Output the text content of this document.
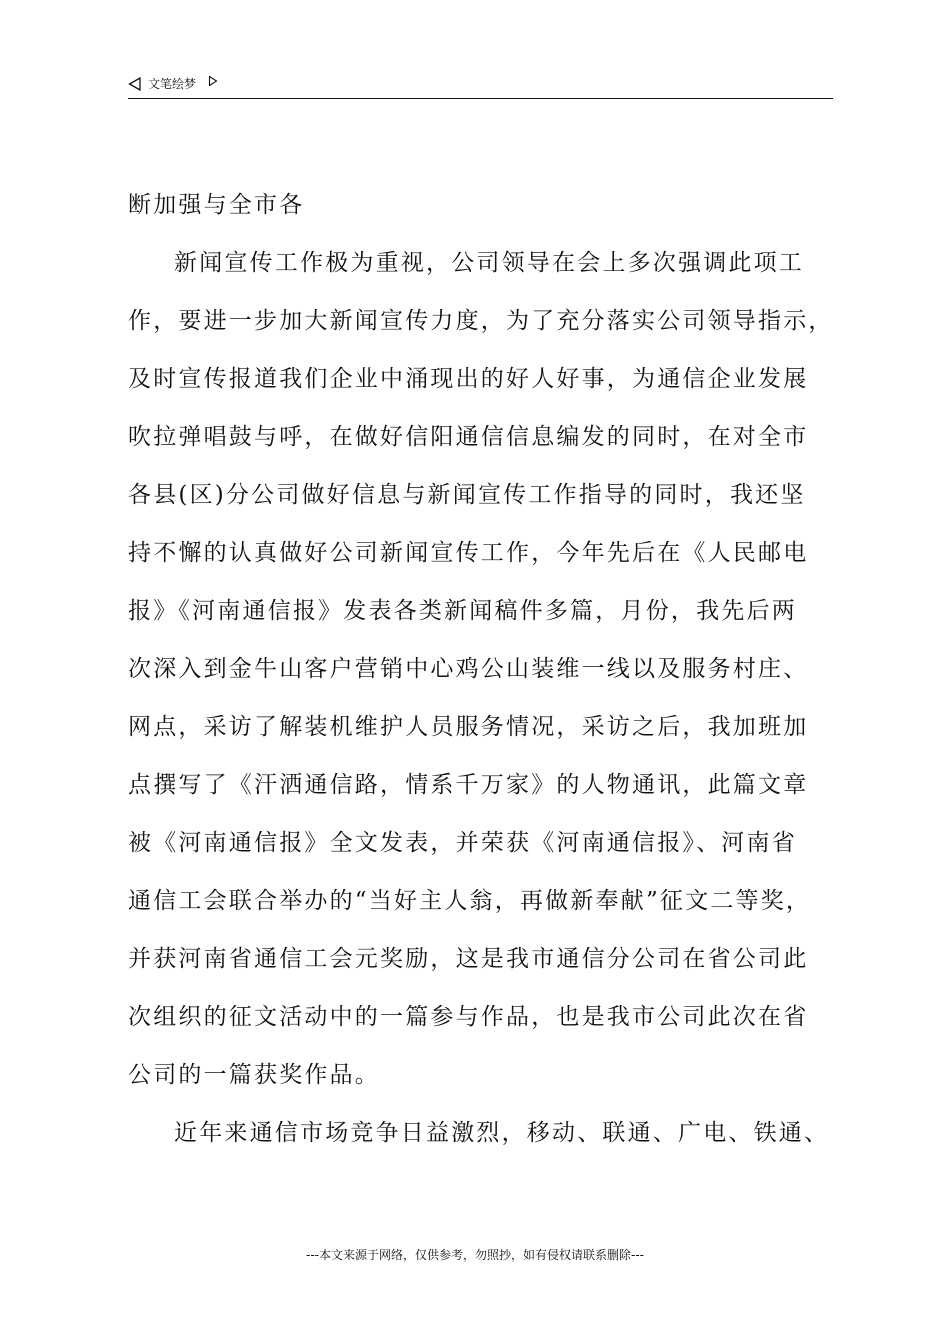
文笔绘梦
断加强与全市各
新闻宣传工作极为重视，公司领导在会上多次强调此项工
作，要进一步加大新闻宣传力度，为了充分落实公司领导指示，
及时宣传报道我们企业中涌现出的好人好事，为通信企业发展
吹拉弹唱鼓与呼，在做好信阳通信信息编发的同时，在对全市
各县(区)分公司做好信息与新闻宣传工作指导的同时，我还坚
持不懈的认真做好公司新闻宣传工作，今年先后在《人民邮电
报》《河南通信报》发表各类新闻稿件多篇，月份，我先后两
次深入到金牛山客户营销中心鸡公山装维一线以及服务村庄、
网点，采访了解装机维护人员服务情况，采访之后，我加班加
点撰写了《汗洒通信路，情系千万家》的人物通讯，此篇文章
被《河南通信报》全文发表，并荣获《河南通信报》、河南省
通信工会联合举办的“当好主人翁，再做新奉献”征文二等奖，
并获河南省通信工会元奖励，这是我市通信分公司在省公司此
次组织的征文活动中的一篇参与作品，也是我市公司此次在省
公司的一篇获奖作品。
近年来通信市场竞争日益激烈，移动、联通、广电、铁通、
---本文来源于网络，仅供参考，勿照抄，如有侵权请联系删除---
